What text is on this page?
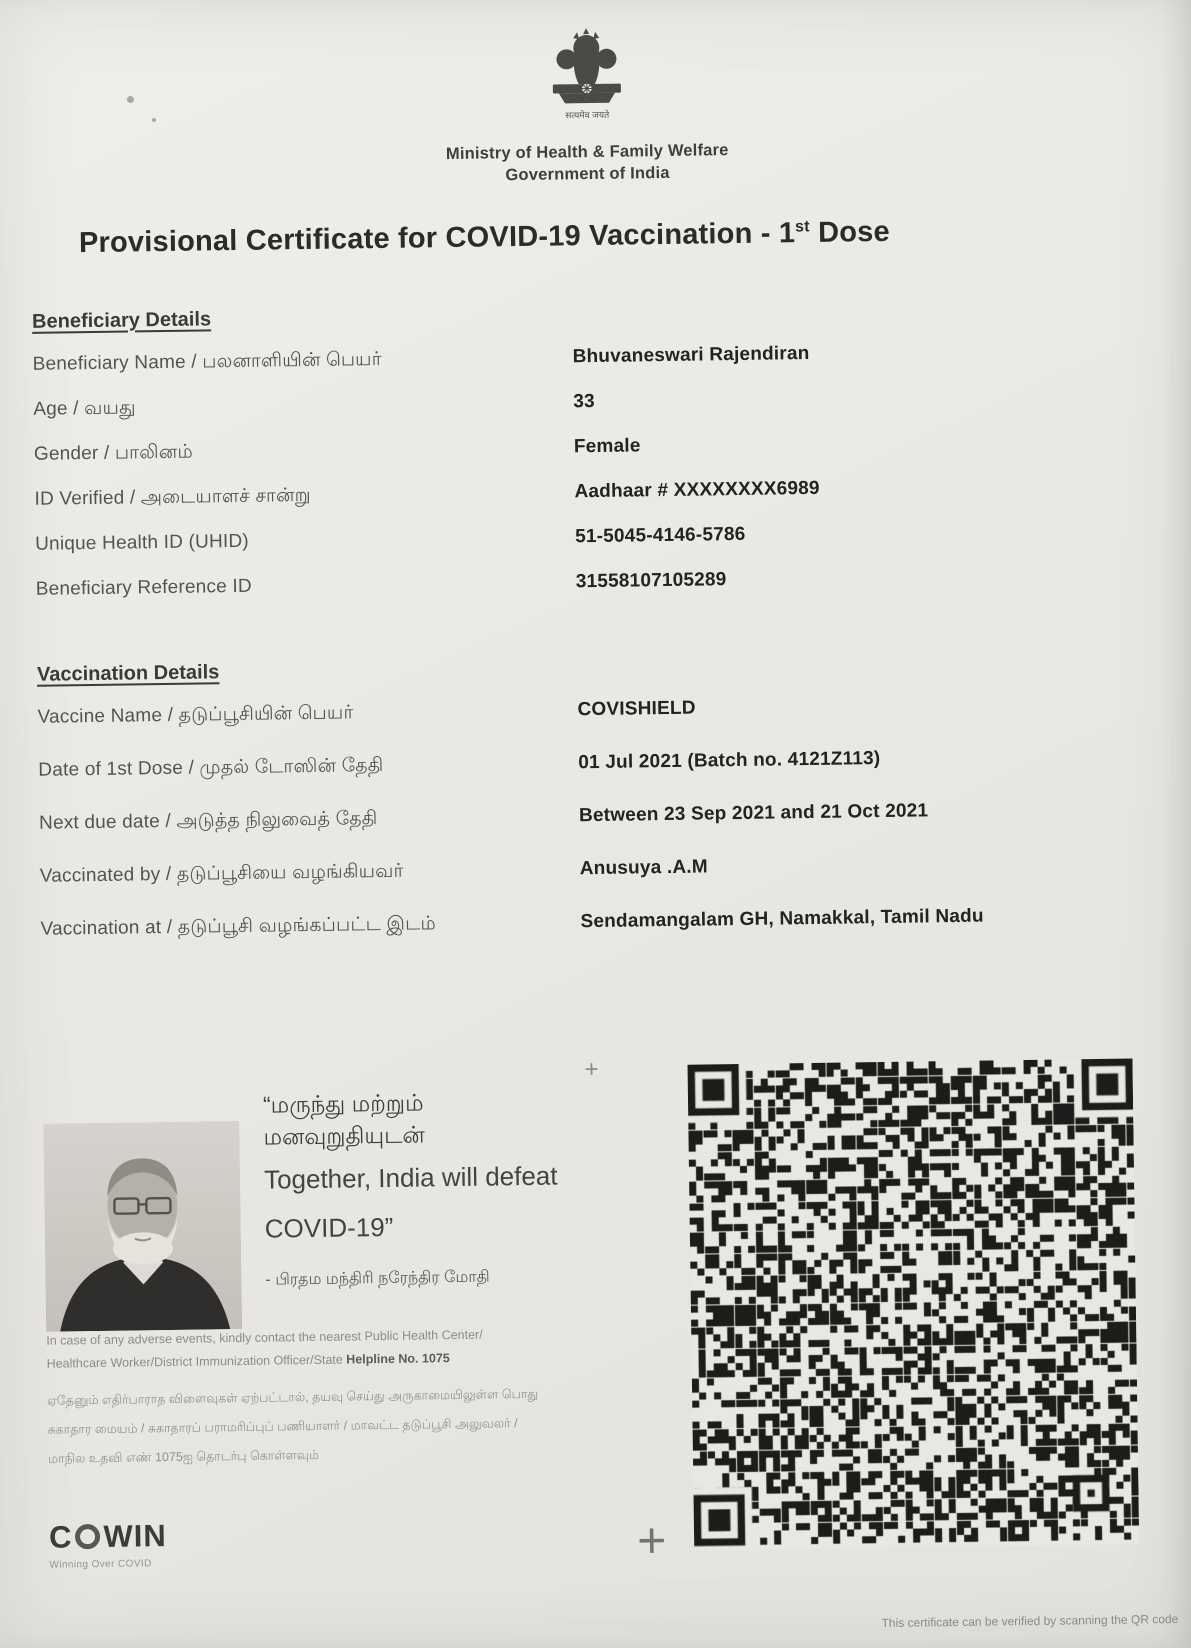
सत्यमेव जयते
Ministry of Health & Family Welfare
Government of India
Provisional Certificate for COVID-19 Vaccination - 1st Dose
Beneficiary Details
Beneficiary Name / பலனாளியின் பெயர்	Bhuvaneswari Rajendiran
Age / வயது	33
Gender / பாலினம்	Female
ID Verified / அடையாளச் சான்று	Aadhaar # XXXXXXXX6989
Unique Health ID (UHID)	51-5045-4146-5786
Beneficiary Reference ID	31558107105289
Vaccination Details
Vaccine Name / தடுப்பூசியின் பெயர்	COVISHIELD
Date of 1st Dose / முதல் டோஸின் தேதி	01 Jul 2021 (Batch no. 4121Z113)
Next due date / அடுத்த நிலுவைத் தேதி	Between 23 Sep 2021 and 21 Oct 2021
Vaccinated by / தடுப்பூசியை வழங்கியவர்	Anusuya .A.M
Vaccination at / தடுப்பூசி வழங்கப்பட்ட இடம்	Sendamangalam GH, Namakkal, Tamil Nadu
+
“மருந்து மற்றும்
மனவுறுதியுடன்
Together, India will defeat
COVID-19”
- பிரதம மந்திரி நரேந்திர மோதி
In case of any adverse events, kindly contact the nearest Public Health Center/
Healthcare Worker/District Immunization Officer/State Helpline No. 1075
ஏதேனும் எதிர்பாராத விளைவுகள் ஏற்பட்டால், தயவு செய்து அருகாமையிலுள்ள பொது
சுகாதார மையம் / சுகாதாரப் பராமரிப்புப் பணியாளர் / மாவட்ட தடுப்பூசி அலுவலர் /
மாநில உதவி எண் 1075ஐ தொடர்பு கொள்ளவும்
C WIN
Winning Over COVID	+
This certificate can be verified by scanning the QR code
